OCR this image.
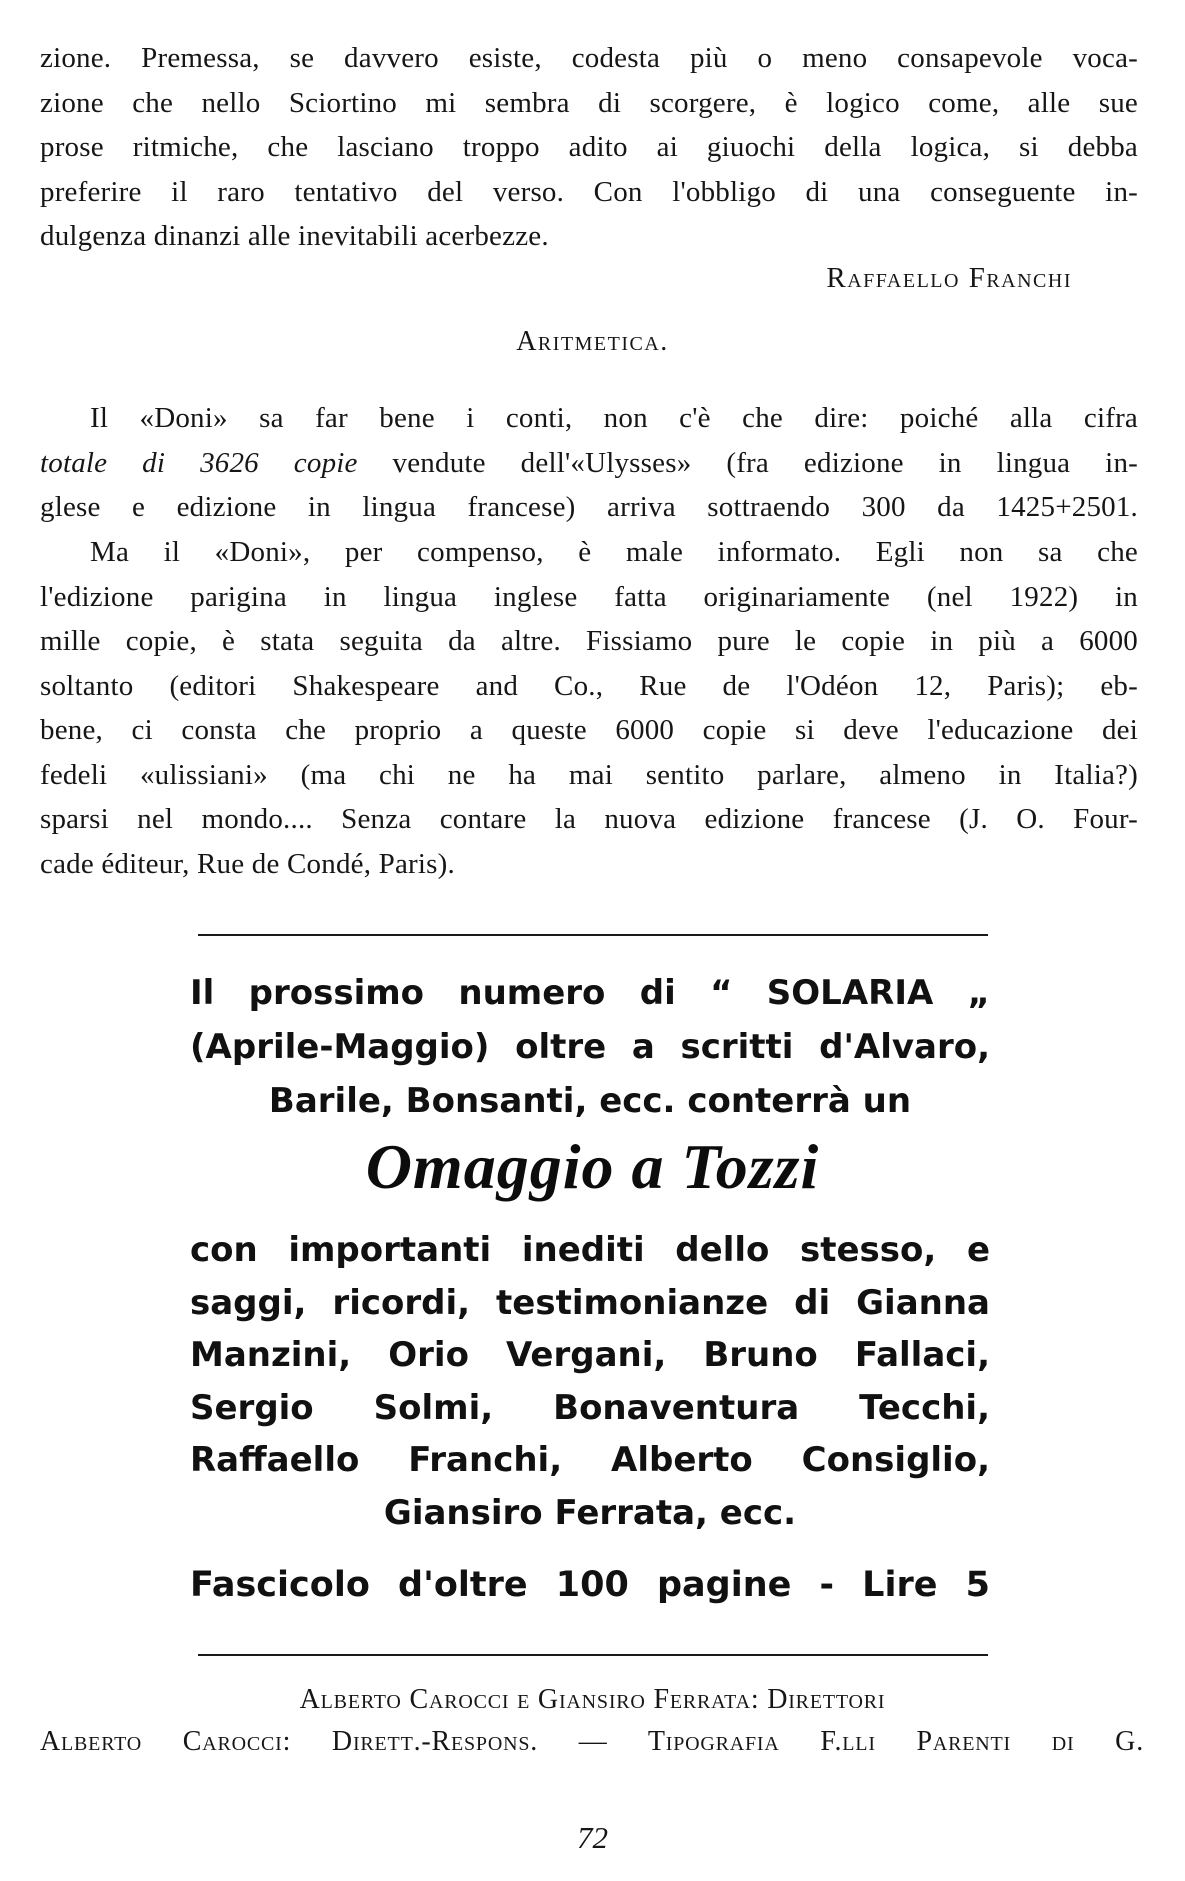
zione. Premessa, se davvero esiste, codesta più o meno consapevole voca-
zione che nello Sciortino mi sembra di scorgere, è logico come, alle sue
prose ritmiche, che lasciano troppo adito ai giuochi della logica, si debba
preferire il raro tentativo del verso. Con l'obbligo di una conseguente in-
dulgenza dinanzi alle inevitabili acerbezze.
Raffaello Franchi
Aritmetica.
Il «Doni» sa far bene i conti, non c'è che dire: poiché alla cifra
totale di 3626 copie vendute dell'«Ulysses» (fra edizione in lingua in-
glese e edizione in lingua francese) arriva sottraendo 300 da 1425+2501.
Ma il «Doni», per compenso, è male informato. Egli non sa che
l'edizione parigina in lingua inglese fatta originariamente (nel 1922) in
mille copie, è stata seguita da altre. Fissiamo pure le copie in più a 6000
soltanto (editori Shakespeare and Co., Rue de l'Odéon 12, Paris); eb-
bene, ci consta che proprio a queste 6000 copie si deve l'educazione dei
fedeli «ulissiani» (ma chi ne ha mai sentito parlare, almeno in Italia?)
sparsi nel mondo.... Senza contare la nuova edizione francese (J. O. Four-
cade éditeur, Rue de Condé, Paris).
Il prossimo numero di “ SOLARIA „
(Aprile-Maggio) oltre a scritti d'Alvaro,
Barile, Bonsanti, ecc. conterrà un
Omaggio a Tozzi
con importanti inediti dello stesso, e
saggi, ricordi, testimonianze di Gianna
Manzini, Orio Vergani, Bruno Fallaci,
Sergio Solmi, Bonaventura Tecchi,
Raffaello Franchi, Alberto Consiglio,
Giansiro Ferrata, ecc.
Fascicolo d'oltre 100 pagine - Lire 5
Alberto Carocci e Giansiro Ferrata: Direttori
Alberto Carocci: Dirett.-Respons. — Tipografia F.lli Parenti di G.
72
